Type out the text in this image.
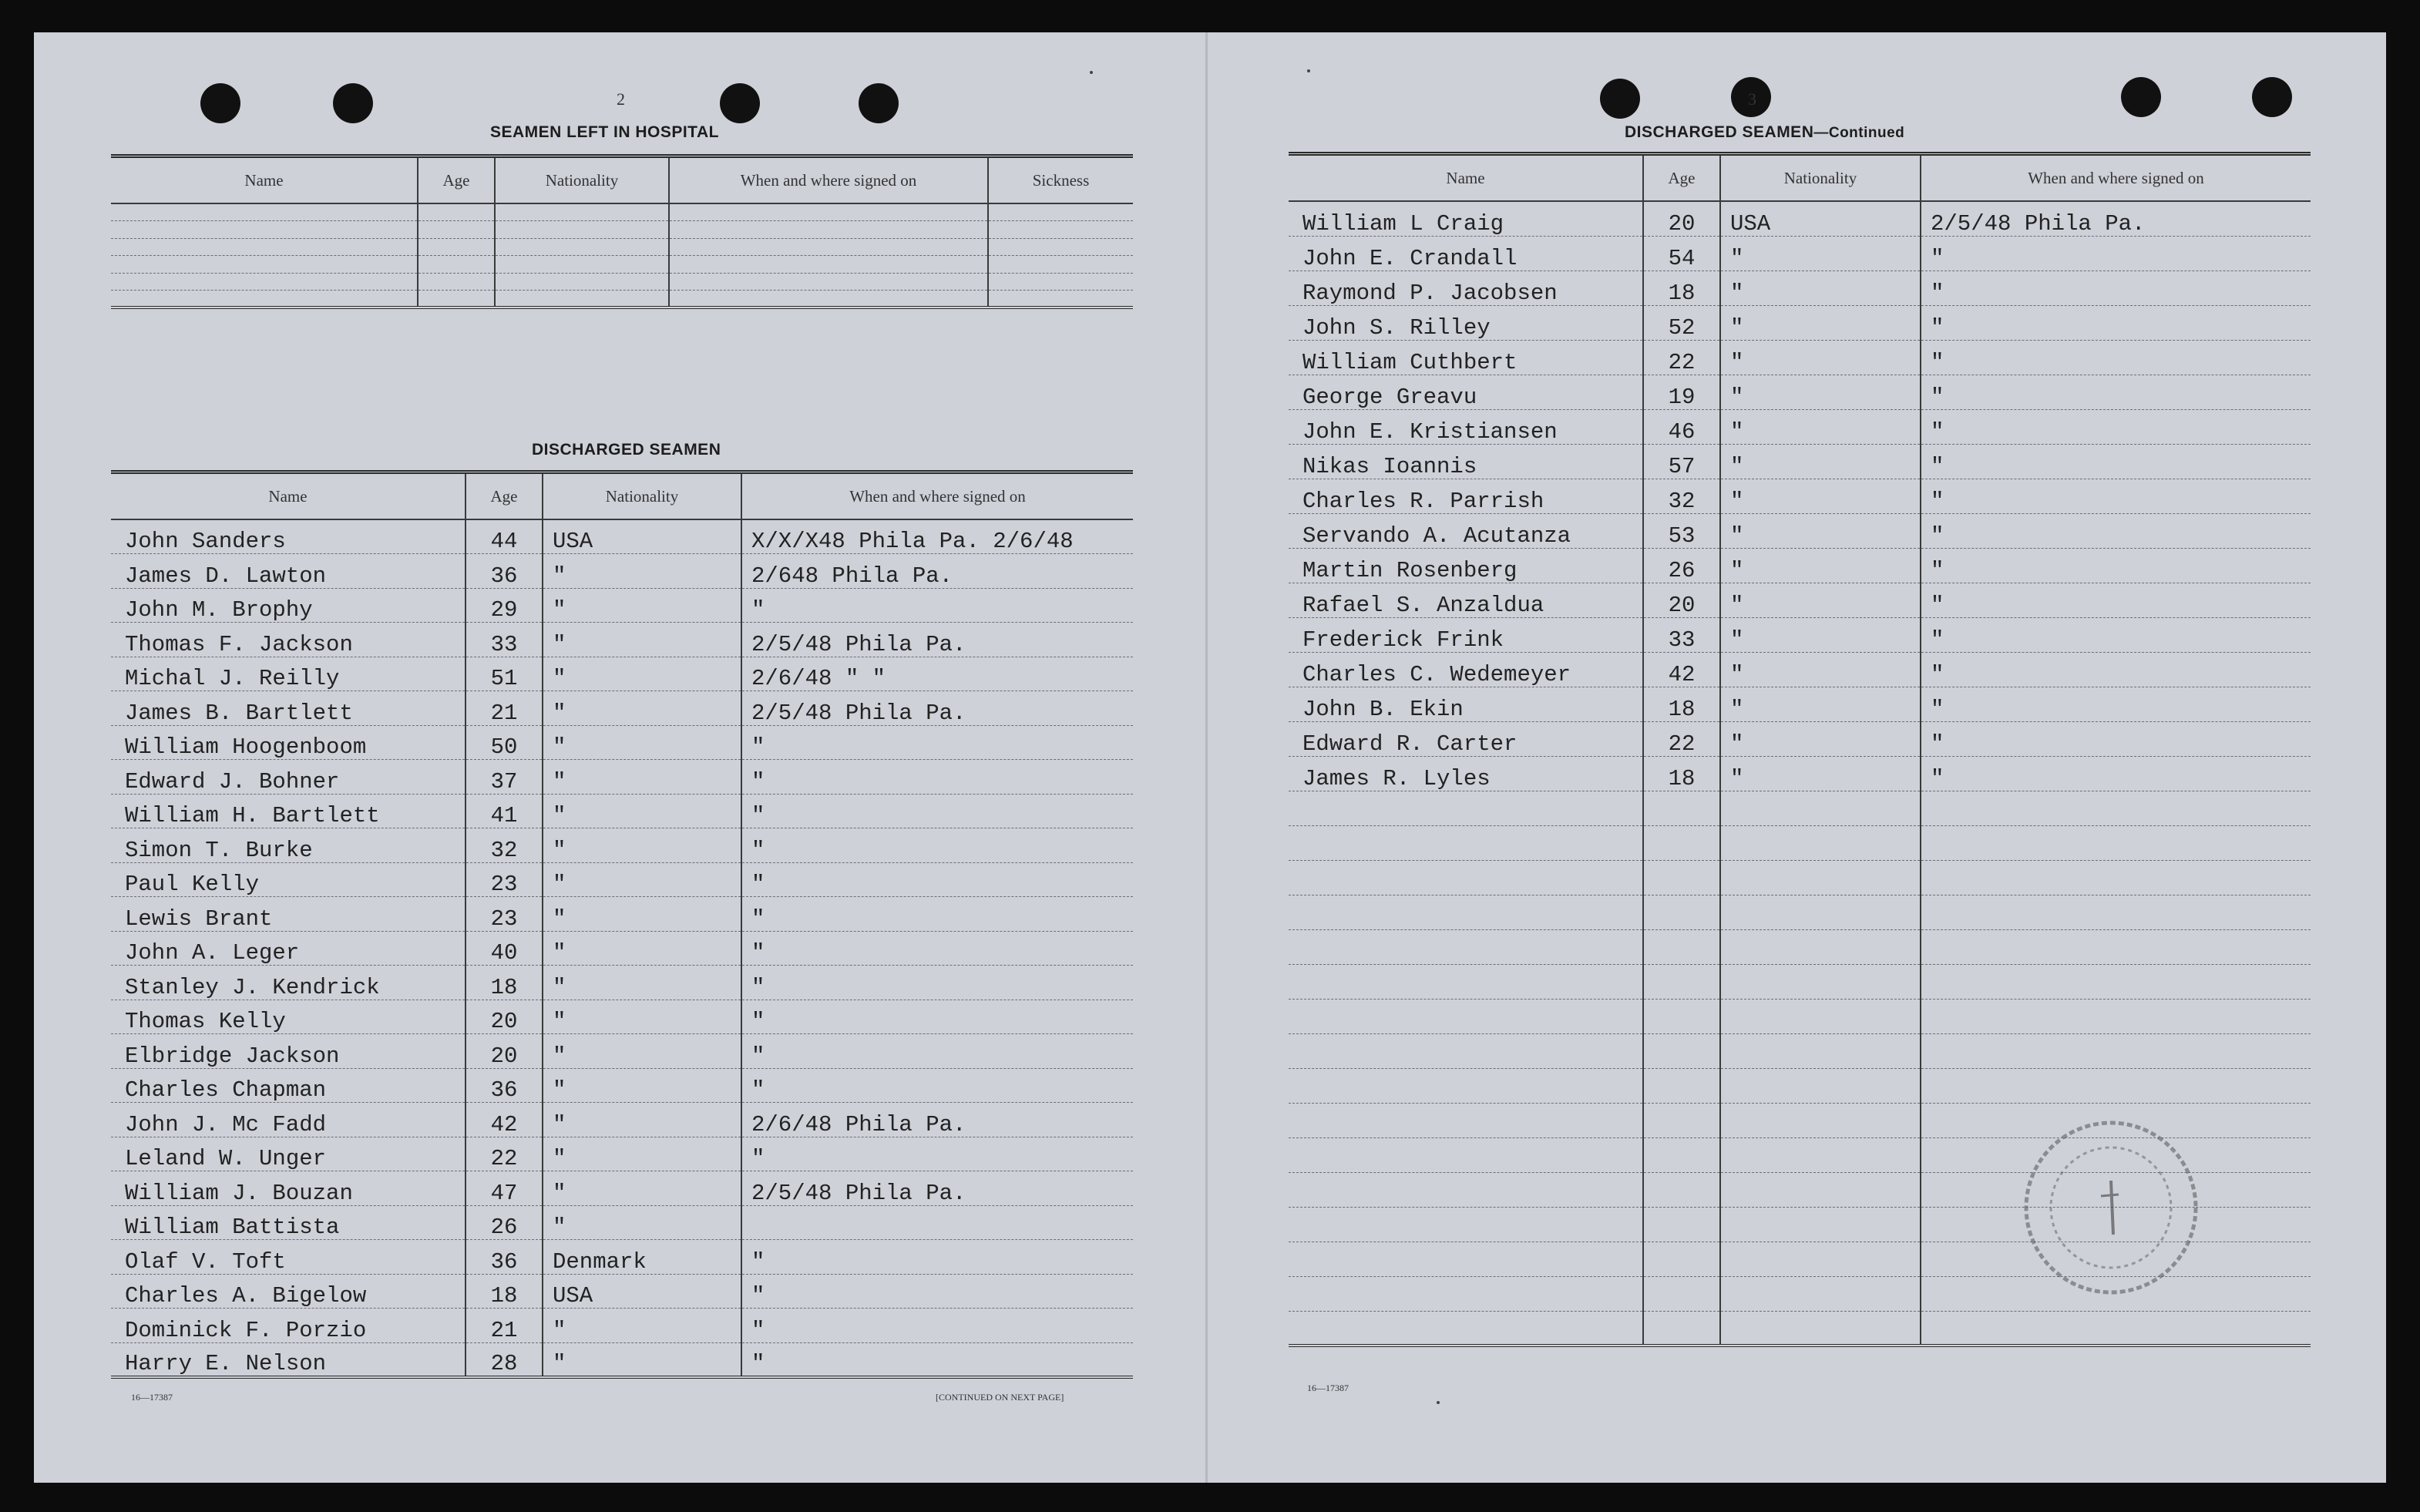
2
SEAMEN LEFT IN HOSPITAL
Name	Age	Nationality	When and where signed on	Sickness

DISCHARGED SEAMEN
Name	Age	Nationality	When and where signed on
John Sanders	44	USA	X/X/X48 Phila Pa. 2/6/48
James D. Lawton	36	"	2/648 Phila Pa.
John M. Brophy	29	"	"
Thomas F. Jackson	33	"	2/5/48 Phila Pa.
Michal J. Reilly	51	"	2/6/48 " "
James B. Bartlett	21	"	2/5/48 Phila Pa.
William Hoogenboom	50	"	"
Edward J. Bohner	37	"	"
William H. Bartlett	41	"	"
Simon T. Burke	32	"	"
Paul Kelly	23	"	"
Lewis Brant	23	"	"
John A. Leger	40	"	"
Stanley J. Kendrick	18	"	"
Thomas Kelly	20	"	"
Elbridge Jackson	20	"	"
Charles Chapman	36	"	"
John J. Mc Fadd	42	"	2/6/48 Phila Pa.
Leland W. Unger	22	"	"
William J. Bouzan	47	"	2/5/48 Phila Pa.
William Battista	26	"	
Olaf V. Toft	36	Denmark	"
Charles A. Bigelow	18	USA	"
Dominick F. Porzio	21	"	"
Harry E. Nelson	28	"	"
16—17387	[CONTINUED ON NEXT PAGE]
3
DISCHARGED SEAMEN—Continued
Name	Age	Nationality	When and where signed on
William L Craig	20	USA	2/5/48 Phila Pa.
John E. Crandall	54	"	"
Raymond P. Jacobsen	18	"	"
John S. Rilley	52	"	"
William Cuthbert	22	"	"
George Greavu	19	"	"
John E. Kristiansen	46	"	"
Nikas Ioannis	57	"	"
Charles R. Parrish	32	"	"
Servando A. Acutanza	53	"	"
Martin Rosenberg	26	"	"
Rafael S. Anzaldua	20	"	"
Frederick Frink	33	"	"
Charles C. Wedemeyer	42	"	"
John B. Ekin	18	"	"
Edward R. Carter	22	"	"
James R. Lyles	18	"	"

16—17387
